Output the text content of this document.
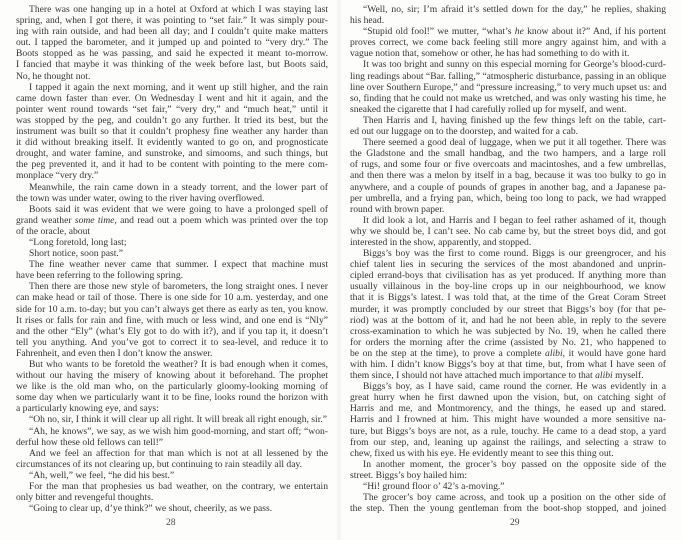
There was one hanging up in a hotel at Oxford at which I was staying last
spring, and, when I got there, it was pointing to “set fair.” It was simply pour-
ing with rain outside, and had been all day; and I couldn’t quite make matters
out. I tapped the barometer, and it jumped up and pointed to “very dry.” The
Boots stopped as he was passing, and said he expected it meant to-morrow.
I fancied that maybe it was thinking of the week before last, but Boots said,
No, he thought not.
I tapped it again the next morning, and it went up still higher, and the rain
came down faster than ever. On Wednesday I went and hit it again, and the
pointer went round towards “set fair,” “very dry,” and “much heat,” until it
was stopped by the peg, and couldn’t go any further. It tried its best, but the
instrument was built so that it couldn’t prophesy fine weather any harder than
it did without breaking itself. It evidently wanted to go on, and prognosticate
drought, and water famine, and sunstroke, and simooms, and such things, but
the peg prevented it, and it had to be content with pointing to the mere com-
monplace “very dry.”
Meanwhile, the rain came down in a steady torrent, and the lower part of
the town was under water, owing to the river having overflowed.
Boots said it was evident that we were going to have a prolonged spell of
grand weather some time, and read out a poem which was printed over the top
of the oracle, about
“Long foretold, long last;
Short notice, soon past.”
The fine weather never came that summer. I expect that machine must
have been referring to the following spring.
Then there are those new style of barometers, the long straight ones. I never
can make head or tail of those. There is one side for 10 a.m. yesterday, and one
side for 10 a.m. to-day; but you can’t always get there as early as ten, you know.
It rises or falls for rain and fine, with much or less wind, and one end is “Nly”
and the other “Ely” (what’s Ely got to do with it?), and if you tap it, it doesn’t
tell you anything. And you’ve got to correct it to sea-level, and reduce it to
Fahrenheit, and even then I don’t know the answer.
But who wants to be foretold the weather? It is bad enough when it comes,
without our having the misery of knowing about it beforehand. The prophet
we like is the old man who, on the particularly gloomy-looking morning of
some day when we particularly want it to be fine, looks round the horizon with
a particularly knowing eye, and says:
“Oh no, sir, I think it will clear up all right. It will break all right enough, sir.”
“Ah, he knows”, we say, as we wish him good-morning, and start off; “won-
derful how these old fellows can tell!”
And we feel an affection for that man which is not at all lessened by the
circumstances of its not clearing up, but continuing to rain steadily all day.
“Ah, well,” we feel, “he did his best.”
For the man that prophesies us bad weather, on the contrary, we entertain
only bitter and revengeful thoughts.
“Going to clear up, d’ye think?” we shout, cheerily, as we pass.
“Well, no, sir; I’m afraid it’s settled down for the day,” he replies, shaking
his head.
“Stupid old fool!” we mutter, “what’s he know about it?” And, if his portent
proves correct, we come back feeling still more angry against him, and with a
vague notion that, somehow or other, he has had something to do with it.
It was too bright and sunny on this especial morning for George’s blood-curd-
ling readings about “Bar. falling,” “atmospheric disturbance, passing in an oblique
line over Southern Europe,” and “pressure increasing,” to very much upset us: and
so, finding that he could not make us wretched, and was only wasting his time, he
sneaked the cigarette that I had carefully rolled up for myself, and went.
Then Harris and I, having finished up the few things left on the table, cart-
ed out our luggage on to the doorstep, and waited for a cab.
There seemed a good deal of luggage, when we put it all together. There was
the Gladstone and the small handbag, and the two hampers, and a large roll
of rugs, and some four or five overcoats and macintoshes, and a few umbrellas,
and then there was a melon by itself in a bag, because it was too bulky to go in
anywhere, and a couple of pounds of grapes in another bag, and a Japanese pa-
per umbrella, and a frying pan, which, being too long to pack, we had wrapped
round with brown paper.
It did look a lot, and Harris and I began to feel rather ashamed of it, though
why we should be, I can’t see. No cab came by, but the street boys did, and got
interested in the show, apparently, and stopped.
Biggs’s boy was the first to come round. Biggs is our greengrocer, and his
chief talent lies in securing the services of the most abandoned and unprin-
cipled errand-boys that civilisation has as yet produced. If anything more than
usually villainous in the boy-line crops up in our neighbourhood, we know
that it is Biggs’s latest. I was told that, at the time of the Great Coram Street
murder, it was promptly concluded by our street that Biggs’s boy (for that pe-
riod) was at the bottom of it, and had he not been able, in reply to the severe
cross-examination to which he was subjected by No. 19, when he called there
for orders the morning after the crime (assisted by No. 21, who happened to
be on the step at the time), to prove a complete alibi, it would have gone hard
with him. I didn’t know Biggs’s boy at that time, but, from what I have seen of
them since, I should not have attached much importance to that alibi myself.
Biggs’s boy, as I have said, came round the corner. He was evidently in a
great hurry when he first dawned upon the vision, but, on catching sight of
Harris and me, and Montmorency, and the things, he eased up and stared.
Harris and I frowned at him. This might have wounded a more sensitive na-
ture, but Biggs’s boys are not, as a rule, touchy. He came to a dead stop, a yard
from our step, and, leaning up against the railings, and selecting a straw to
chew, fixed us with his eye. He evidently meant to see this thing out.
In another moment, the grocer’s boy passed on the opposite side of the
street. Biggs’s boy hailed him:
“Hi! ground floor o’ 42’s a-moving.”
The grocer’s boy came across, and took up a position on the other side of
the step. Then the young gentleman from the boot-shop stopped, and joined
28	29
